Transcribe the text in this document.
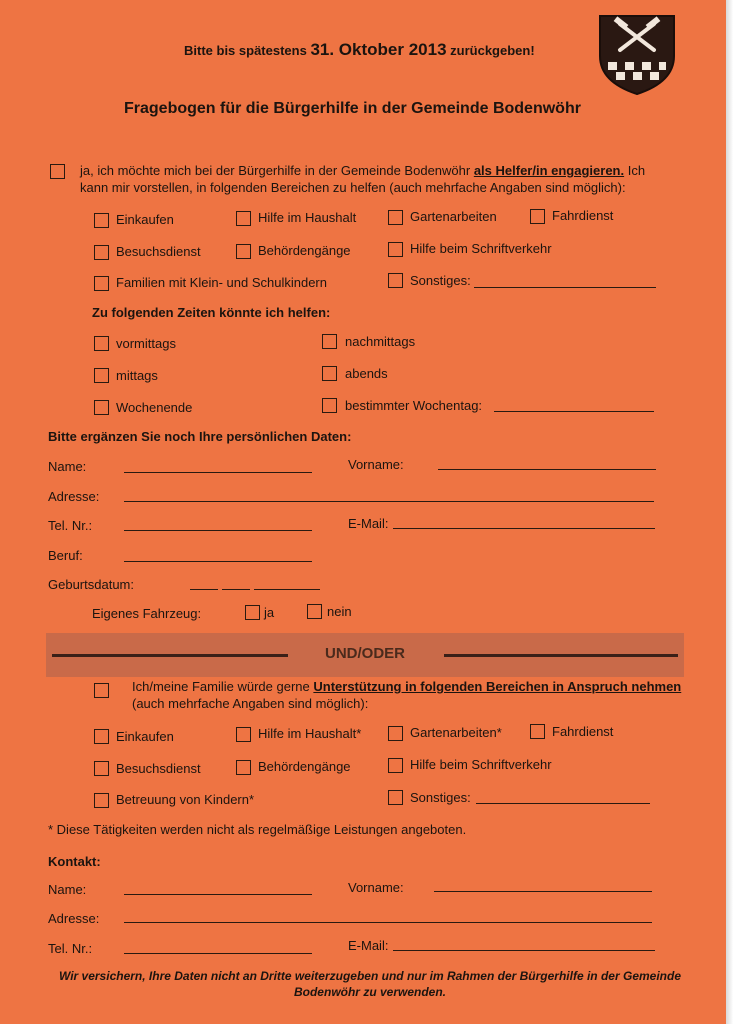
Bitte bis spätestens 31. Oktober 2013 zurückgeben!
Fragebogen für die Bürgerhilfe in der Gemeinde Bodenwöhr
ja, ich möchte mich bei der Bürgerhilfe in der Gemeinde Bodenwöhr als Helfer/in engagieren. Ich kann mir vorstellen, in folgenden Bereichen zu helfen (auch mehrfache Angaben sind möglich):
Einkaufen	Hilfe im Haushalt	Gartenarbeiten	Fahrdienst
Besuchsdienst	Behördengänge	Hilfe beim Schriftverkehr
Familien mit Klein- und Schulkindern	Sonstiges:
Zu folgenden Zeiten könnte ich helfen:
vormittags	nachmittags
mittags	abends
Wochenende	bestimmter Wochentag:
Bitte ergänzen Sie noch Ihre persönlichen Daten:
Name:	Vorname:
Adresse:
Tel. Nr.:	E-Mail:
Beruf:
Geburtsdatum:
Eigenes Fahrzeug:	ja	nein
UND/ODER
Ich/meine Familie würde gerne Unterstützung in folgenden Bereichen in Anspruch nehmen
(auch mehrfache Angaben sind möglich):
Einkaufen	Hilfe im Haushalt*	Gartenarbeiten*	Fahrdienst
Besuchsdienst	Behördengänge	Hilfe beim Schriftverkehr
Betreuung von Kindern*	Sonstiges:
* Diese Tätigkeiten werden nicht als regelmäßige Leistungen angeboten.
Kontakt:
Name:	Vorname:
Adresse:
Tel. Nr.:	E-Mail:
Wir versichern, Ihre Daten nicht an Dritte weiterzugeben und nur im Rahmen der Bürgerhilfe in der Gemeinde Bodenwöhr zu verwenden.
